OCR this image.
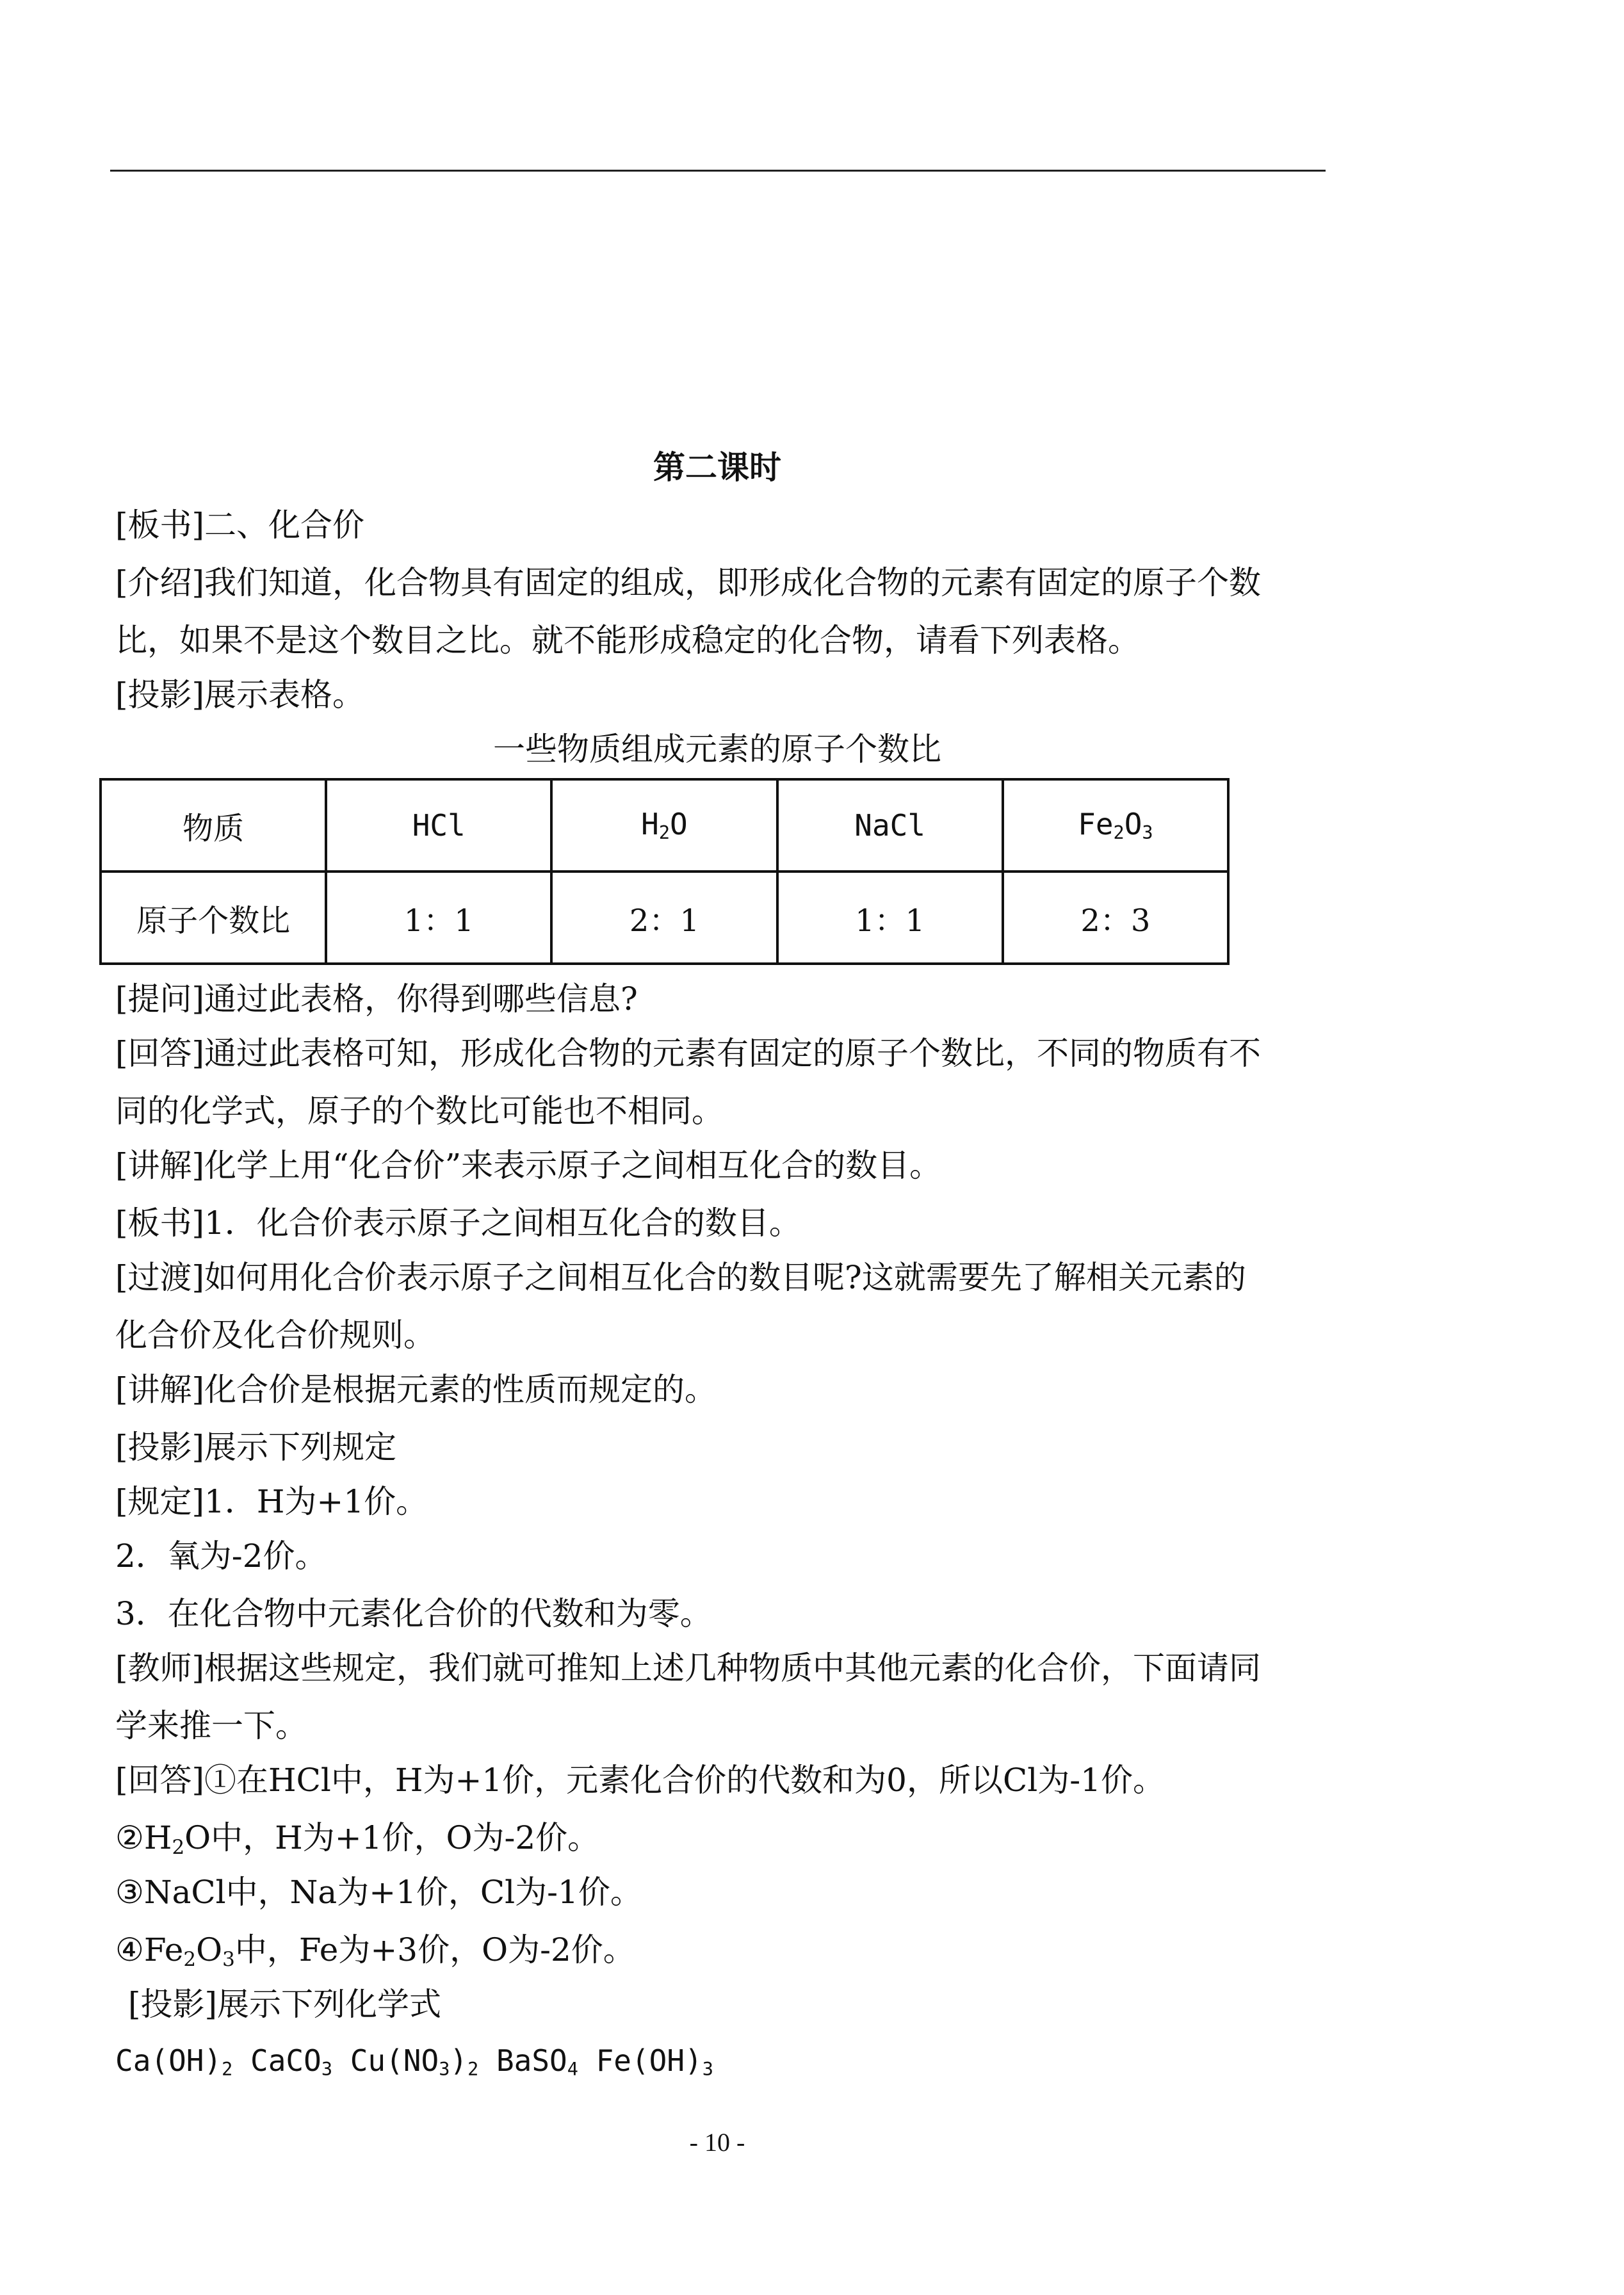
第二课时
[板书]二、化合价
[介绍]我们知道，化合物具有固定的组成，即形成化合物的元素有固定的原子个数
比，如果不是这个数目之比。就不能形成稳定的化合物，请看下列表格。
[投影]展示表格。
一些物质组成元素的原子个数比
物质	HCl	$H_2O$	NaCl	$Fe_2O_3$
原子个数比	1：1	2：1	1：1	2：3
[提问]通过此表格，你得到哪些信息?
[回答]通过此表格可知，形成化合物的元素有固定的原子个数比，不同的物质有不
同的化学式，原子的个数比可能也不相同。
[讲解]化学上用“化合价”来表示原子之间相互化合的数目。
[板书]1．化合价表示原子之间相互化合的数目。
[过渡]如何用化合价表示原子之间相互化合的数目呢?这就需要先了解相关元素的
化合价及化合价规则。
[讲解]化合价是根据元素的性质而规定的。
[投影]展示下列规定
[规定]1．H为+1价。
2．氧为-2价。
3．在化合物中元素化合价的代数和为零。
[教师]根据这些规定，我们就可推知上述几种物质中其他元素的化合价，下面请同
学来推一下。
[回答]①在HCl中，H为+1价，元素化合价的代数和为0，所以Cl为-1价。
$②H_2O$中，H为+1价，O为-2价。
③NaCl中，Na为+1价，Cl为-1价。
$④Fe_2O_3$中，Fe为+3价，O为-2价。
[投影]展示下列化学式
$Ca(OH)_2$ CaCO$_3$ $Cu(NO_3)_2$ BaSO$_4$ $Fe(OH)_3$
- 10 -
